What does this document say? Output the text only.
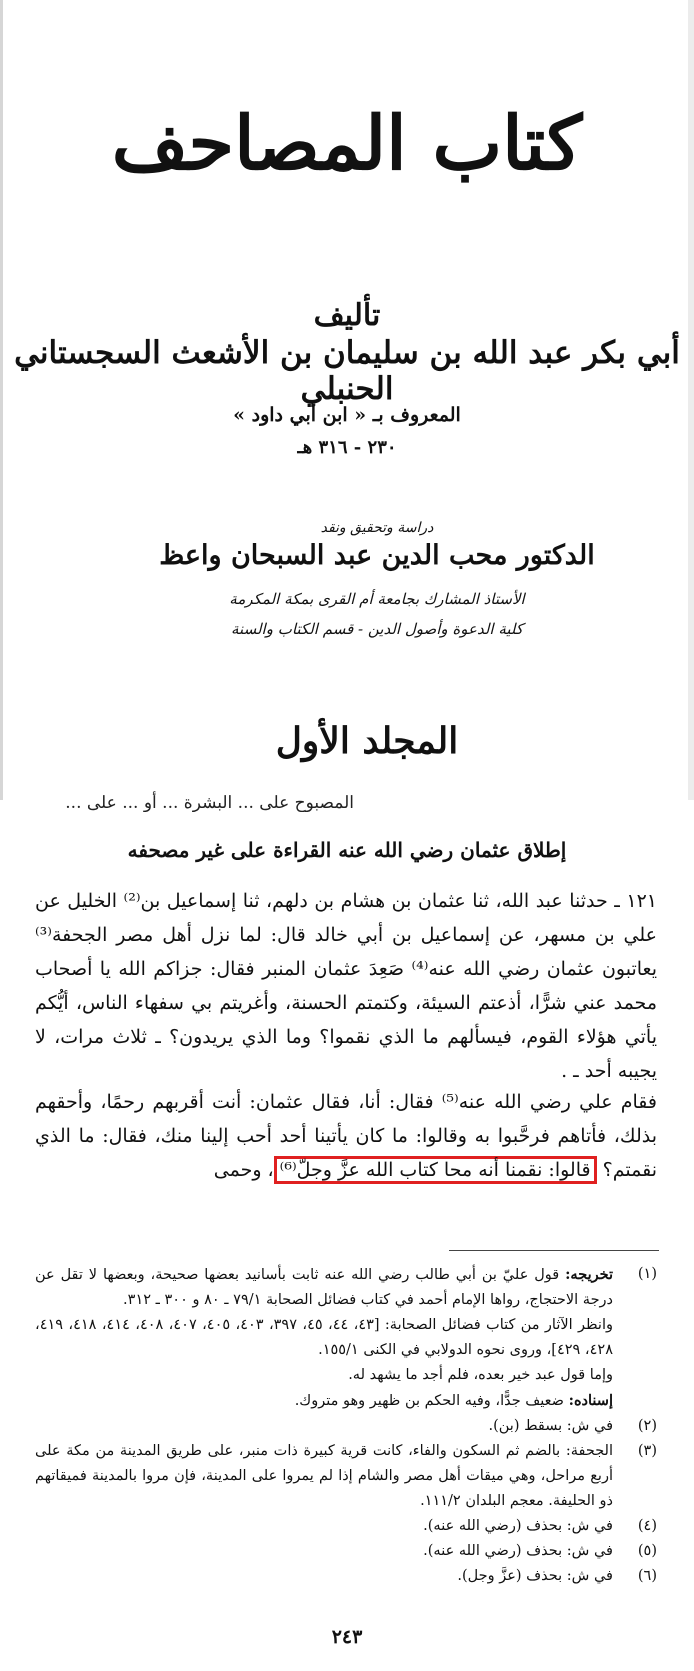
كتاب المصاحف
تأليف
أبي بكر عبد الله بن سليمان بن الأشعث السجستاني الحنبلي
المعروف بـ « ابن أبي داود »
٢٣٠ - ٣١٦ هـ
دراسة وتحقيق ونقد
الدكتور محب الدين عبد السبحان واعظ
الأستاذ المشارك بجامعة أم القرى بمكة المكرمة
كلية الدعوة وأصول الدين - قسم الكتاب والسنة
المجلد الأول
المصبوح على ... البشرة ... أو ... على ...
إطلاق عثمان رضي الله عنه القراءة على غير مصحفه

١٢١ ـ حدثنا عبد الله، ثنا عثمان بن هشام بن دلهم، ثنا إسماعيل بن⁽²⁾ الخليل عن علي بن مسهر، عن إسماعيل بن أبي خالد قال: لما نزل أهل مصر الجحفة⁽³⁾ يعاتبون عثمان رضي الله عنه⁽⁴⁾ صَعِدَ عثمان المنبر فقال: جزاكم الله يا أصحاب محمد عني شرًّا، أذعتم السيئة، وكتمتم الحسنة، وأغريتم بي سفهاء الناس، أيُّكم يأتي هؤلاء القوم، فيسألهم ما الذي نقموا؟ وما الذي يريدون؟ ـ ثلاث مرات، لا يجيبه أحد ـ .

فقام علي رضي الله عنه⁽⁵⁾ فقال: أنا، فقال عثمان: أنت أقربهم رحمًا، وأحقهم بذلك، فأتاهم فرحَّبوا به وقالوا: ما كان يأتينا أحد أحب إلينا منك، فقال: ما الذي نقمتم؟ قالوا: نقمنا أنه محا كتاب الله عزَّ وجلّ⁽⁶⁾، وحمى

(١)

تخريجه: قول عليّ بن أبي طالب رضي الله عنه ثابت بأسانيد بعضها صحيحة، وبعضها لا تقل عن درجة الاحتجاج، رواها الإمام أحمد في كتاب فضائل الصحابة ٧٩/١ ـ ٨٠ و ٣٠٠ ـ ٣١٢.

وانظر الآثار من كتاب فضائل الصحابة: [٤٣، ٤٤، ٤٥، ٣٩٧، ٤٠٣، ٤٠٥، ٤٠٧، ٤٠٨، ٤١٤، ٤١٨، ٤١٩، ٤٢٨، ٤٢٩]، وروى نحوه الدولابي في الكنى ١٥٥/١.

وإما قول عبد خير بعده، فلم أجد ما يشهد له.

إسناده: ضعيف جدًّا، وفيه الحكم بن ظهير وهو متروك.

(٢)
في ش: بسقط (بن).
(٣)
الجحفة: بالضم ثم السكون والفاء، كانت قرية كبيرة ذات منبر، على طريق المدينة من مكة على أربع مراحل، وهي ميقات أهل مصر والشام إذا لم يمروا على المدينة، فإن مروا بالمدينة فميقاتهم ذو الحليفة. معجم البلدان ١١١/٢.
(٤)
في ش: بحذف (رضي الله عنه).
(٥)
في ش: بحذف (رضي الله عنه).
(٦)
في ش: بحذف (عزَّ وجل).
٢٤٣
